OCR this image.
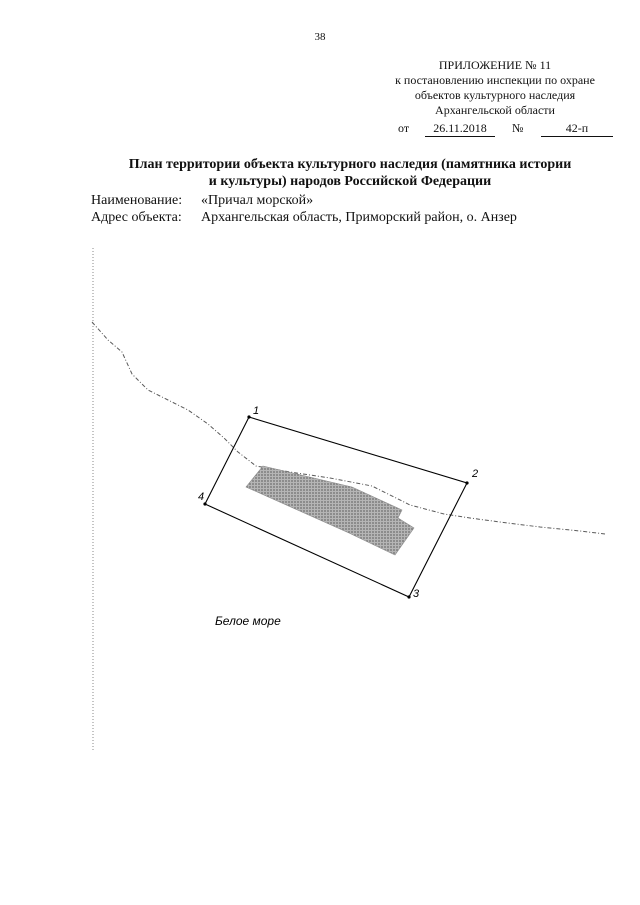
38
ПРИЛОЖЕНИЕ № 11
к постановлению инспекции по охране
объектов культурного наследия
Архангельской области
от 26.11.2018 №	42-п
План территории объекта культурного наследия (памятника истории
и культуры) народов Российской Федерации
Наименование: «Причал морской»
Адрес объекта: Архангельская область, Приморский район, о. Анзер
1
2
3
4
Белое море
